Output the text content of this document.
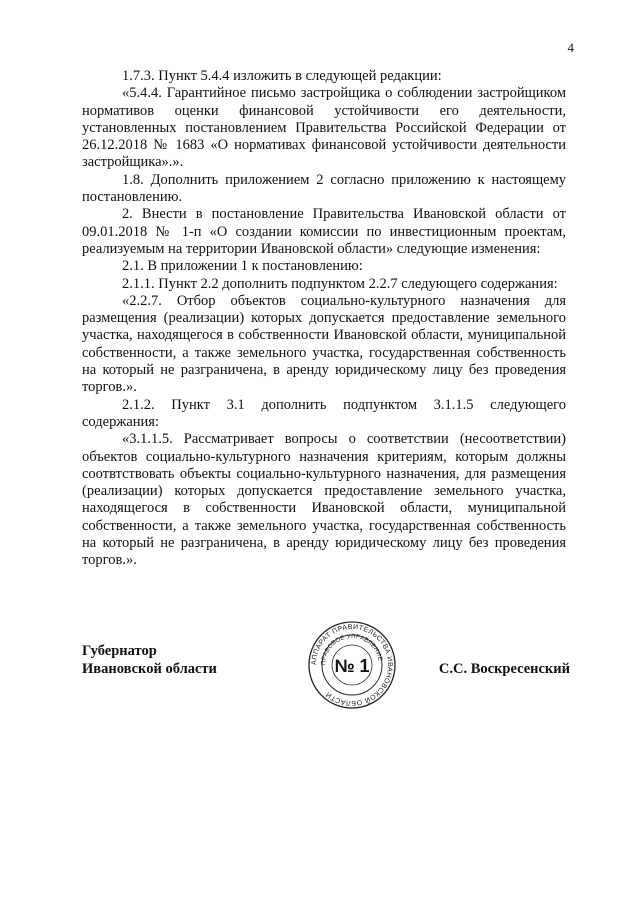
4

1.7.3. Пункт 5.4.4 изложить в следующей редакции:

«5.4.4. Гарантийное письмо застройщика о соблюдении застройщиком нормативов оценки финансовой устойчивости его деятельности, установленных постановлением Правительства Российской Федерации от 26.12.2018 № 1683 «О нормативах финансовой устойчивости деятельности застройщика».».

1.8. Дополнить приложением 2 согласно приложению к настоящему постановлению.

2. Внести в постановление Правительства Ивановской области от 09.01.2018 № 1-п «О создании комиссии по инвестиционным проектам, реализуемым на территории Ивановской области» следующие изменения:

2.1. В приложении 1 к постановлению:

2.1.1. Пункт 2.2 дополнить подпунктом 2.2.7 следующего содержания:

«2.2.7. Отбор объектов социально-культурного назначения для размещения (реализации) которых допускается предоставление земельного участка, находящегося в собственности Ивановской области, муниципальной собственности, а также земельного участка, государственная собственность на который не разграничена, в аренду юридическому лицу без проведения торгов.».

2.1.2. Пункт 3.1 дополнить подпунктом 3.1.1.5 следующего содержания:

«3.1.1.5. Рассматривает вопросы о соответствии (несоответствии) объектов социально-культурного назначения критериям, которым должны соотвтствовать объекты социально-культурного назначения, для размещения (реализации) которых допускается предоставление земельного участка, находящегося в собственности Ивановской области, муниципальной собственности, а также земельного участка, государственная собственность на который не разграничена, в аренду юридическому лицу без проведения торгов.».

Губернатор
Ивановской области	АППАРАТ ПРАВИТЕЛЬСТВА ИВАНОВСКОЙ ОБЛАСТИ
ПРАВОВОЕ УПРАВЛЕНИЕ
№ 1	С.С. Воскресенский
